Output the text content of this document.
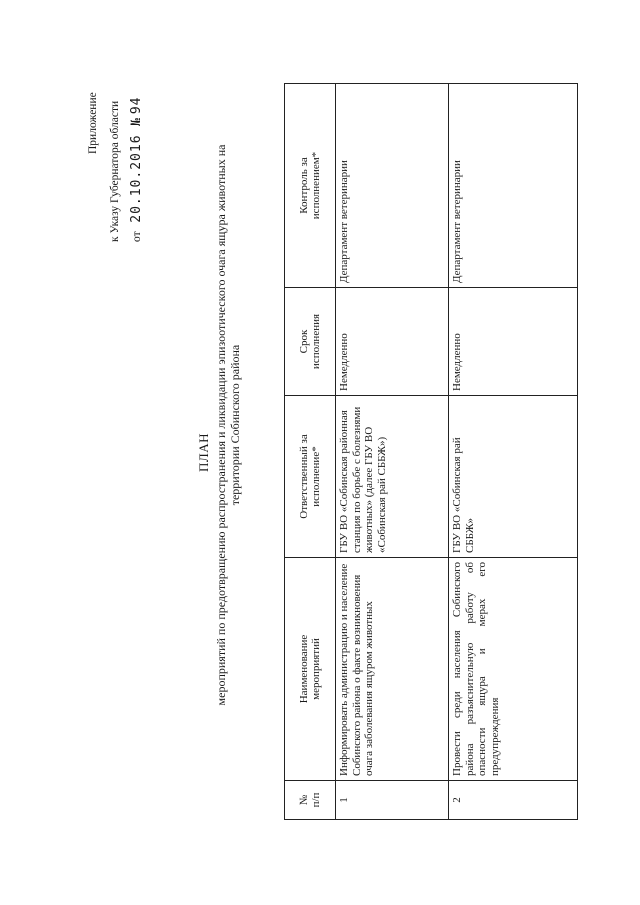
Приложение к Указу Губернатора области от   20.10.2016   № 94
ПЛАН мероприятий по предотвращению распространения и ликвидации эпизоотического очага ящура животных на территории Собинского района
№ п/п	Наименование мероприятий	Ответственный за исполнение*	Срок исполнения	Контроль за исполнением*

1	Информировать администрацию и население Собинского района о факте возникновения очага заболевания ящуром животных	ГБУ ВО «Собинская районная станция по борьбе с болезнями животных» (далее ГБУ ВО «Собинская рай СББЖ»)	Немедленно	Департамент ветеринарии
2	Провести среди населения Собинского района разъяснительную работу об опасности ящура и мерах его предупреждения	ГБУ ВО «Собинская рай СББЖ»	Немедленно	Департамент ветеринарии
